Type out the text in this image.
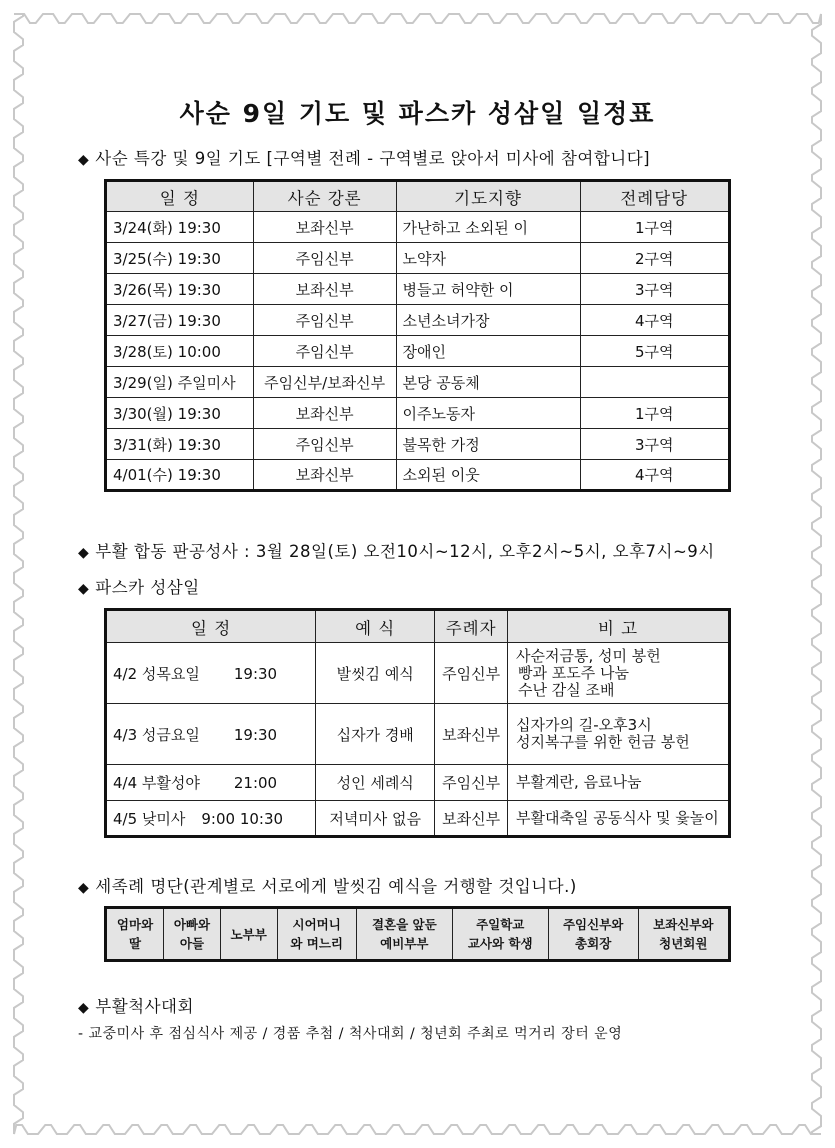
사순 9일 기도 및 파스카 성삼일 일정표
◆ 사순 특강 및 9일 기도 [구역별 전례 - 구역별로 앉아서 미사에 참여합니다]
일 정	사순 강론	기도지향	전례담당
3/24(화) 19:30	보좌신부	가난하고 소외된 이	1구역
3/25(수) 19:30	주임신부	노약자	2구역
3/26(목) 19:30	보좌신부	병들고 허약한 이	3구역
3/27(금) 19:30	주임신부	소년소녀가장	4구역
3/28(토) 10:00	주임신부	장애인	5구역
3/29(일) 주일미사	주임신부/보좌신부	본당 공동체	
3/30(월) 19:30	보좌신부	이주노동자	1구역
3/31(화) 19:30	주임신부	불목한 가정	3구역
4/01(수) 19:30	보좌신부	소외된 이웃	4구역
◆ 부활 합동 판공성사 : 3월 28일(토) 오전10시~12시, 오후2시~5시, 오후7시~9시
◆ 파스카 성삼일
일 정	예 식	주례자	비 고
4/2 성목요일 19:30	발씻김 예식	주임신부	사순저금통, 성미 봉헌
빵과 포도주 나눔
수난 감실 조배

4/3 성금요일 19:30	십자가 경배	보좌신부	십자가의 길-오후3시
성지복구를 위한 헌금 봉헌

4/4 부활성야 21:00	성인 세례식	주임신부	부활계란, 음료나눔

4/5 낮미사 9:00 10:30	저녁미사 없음	보좌신부	부활대축일 공동식사 및 윷놀이
◆ 세족례 명단(관계별로 서로에게 발씻김 예식을 거행할 것입니다.)
엄마와
딸

아빠와
아들

노부부

시어머니
와 며느리

결혼을 앞둔
예비부부

주일학교
교사와 학생

주임신부와
총회장

보좌신부와
청년회원
◆ 부활척사대회
- 교중미사 후 점심식사 제공 / 경품 추첨 / 척사대회 / 청년회 주최로 먹거리 장터 운영
